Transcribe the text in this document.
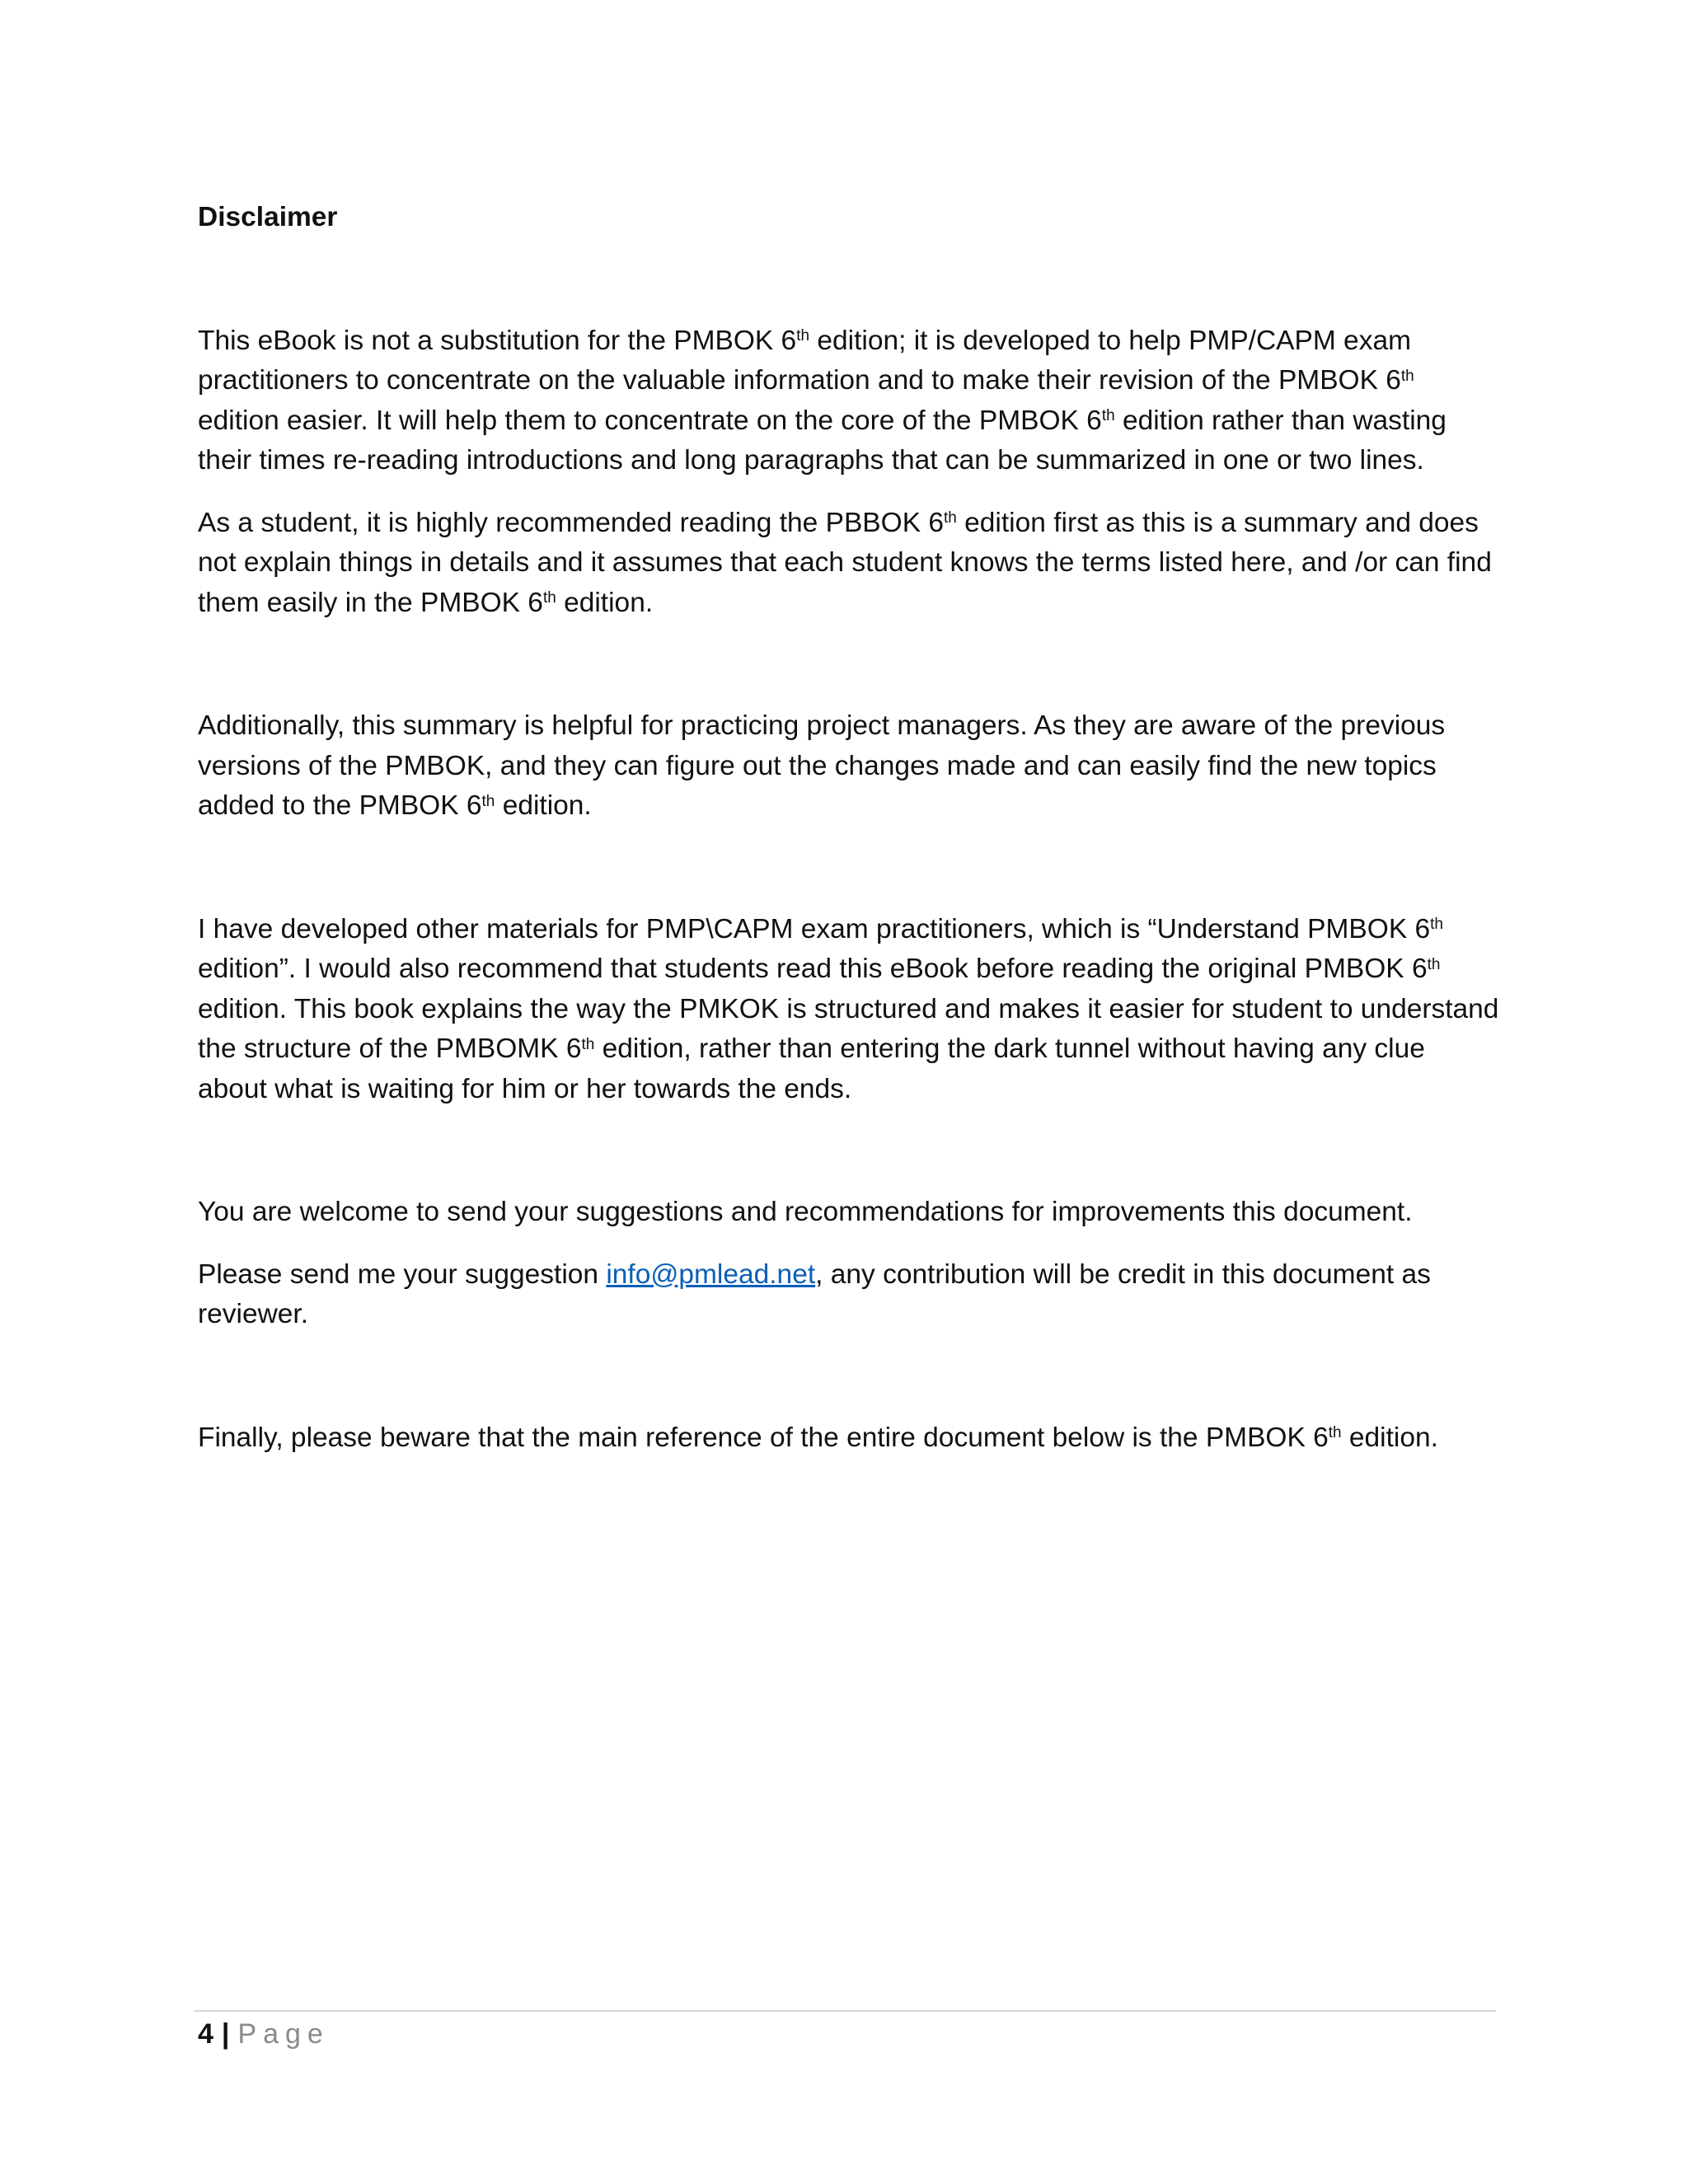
Disclaimer

This eBook is not a substitution for the PMBOK 6th edition; it is developed to help PMP/CAPM exam practitioners to concentrate on the valuable information and to make their revision of the PMBOK 6th edition easier. It will help them to concentrate on the core of the PMBOK 6th edition rather than wasting their times re-reading introductions and long paragraphs that can be summarized in one or two lines.

As a student, it is highly recommended reading the PBBOK 6th edition first as this is a summary and does not explain things in details and it assumes that each student knows the terms listed here, and /or can find them easily in the PMBOK 6th edition.

Additionally, this summary is helpful for practicing project managers. As they are aware of the previous versions of the PMBOK, and they can figure out the changes made and can easily find the new topics added to the PMBOK 6th edition.

I have developed other materials for PMP\CAPM exam practitioners, which is “Understand PMBOK 6th edition”. I would also recommend that students read this eBook before reading the original PMBOK 6th edition. This book explains the way the PMKOK is structured and makes it easier for student to understand the structure of the PMBOMK 6th edition, rather than entering the dark tunnel without having any clue about what is waiting for him or her towards the ends.

You are welcome to send your suggestions and recommendations for improvements this document.

Please send me your suggestion info@pmlead.net, any contribution will be credit in this document as reviewer.

Finally, please beware that the main reference of the entire document below is the PMBOK 6th edition.

4 | Page
